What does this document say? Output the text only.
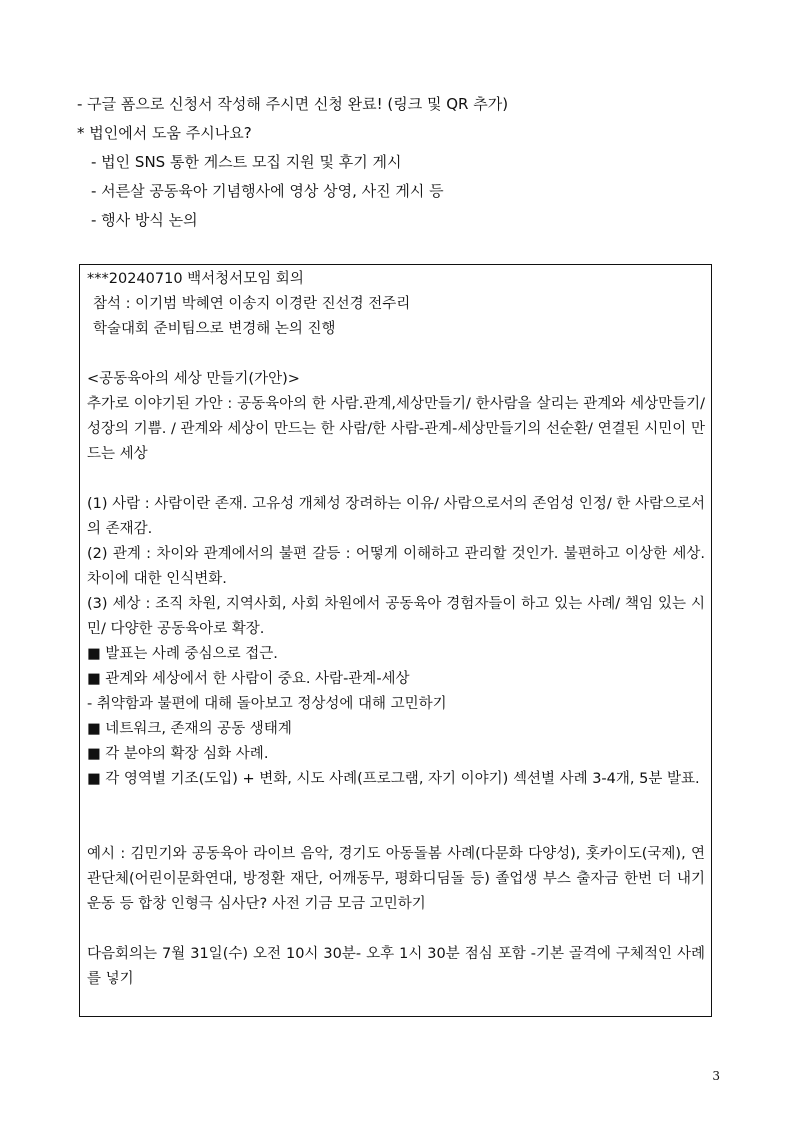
- 구글 폼으로 신청서 작성해 주시면 신청 완료! (링크 및 QR 추가)
* 법인에서 도움 주시나요?
- 법인 SNS 통한 게스트 모집 지원 및 후기 게시
- 서른살 공동육아 기념행사에 영상 상영, 사진 게시 등
- 행사 방식 논의
***20240710 백서청서모임 회의
참석 : 이기범 박혜연 이송지 이경란 진선경 전주리
학술대회 준비팀으로 변경해 논의 진행
<공동육아의 세상 만들기(가안)>
추가로 이야기된 가안 : 공동육아의 한 사람.관계,세상만들기/ 한사람을 살리는 관계와 세상만들기/ 성장의 기쁨. / 관계와 세상이 만드는 한 사람/한 사람-관계-세상만들기의 선순환/ 연결된 시민이 만드는 세상
(1) 사람 : 사람이란 존재. 고유성 개체성 장려하는 이유/ 사람으로서의 존엄성 인정/ 한 사람으로서의 존재감.
(2) 관계 : 차이와 관계에서의 불편 갈등 : 어떻게 이해하고 관리할 것인가. 불편하고 이상한 세상. 차이에 대한 인식변화.
(3) 세상 : 조직 차원, 지역사회, 사회 차원에서 공동육아 경험자들이 하고 있는 사례/ 책임 있는 시민/ 다양한 공동육아로 확장.
■ 발표는 사례 중심으로 접근.
■ 관계와 세상에서 한 사람이 중요. 사람-관계-세상
- 취약함과 불편에 대해 돌아보고 정상성에 대해 고민하기
■ 네트워크, 존재의 공동 생태계
■ 각 분야의 확장 심화 사례.
■ 각 영역별 기조(도입) + 변화, 시도 사례(프로그램, 자기 이야기) 섹션별 사례 3-4개, 5분 발표.
예시 : 김민기와 공동육아 라이브 음악, 경기도 아동돌봄 사례(다문화 다양성), 홋카이도(국제), 연관단체(어린이문화연대, 방정환 재단, 어깨동무, 평화디딤돌 등) 졸업생 부스 출자금 한번 더 내기 운동 등 합창 인형극 심사단? 사전 기금 모금 고민하기
다음회의는 7월 31일(수) 오전 10시 30분- 오후 1시 30분 점심 포함 -기본 골격에 구체적인 사례를 넣기
3
